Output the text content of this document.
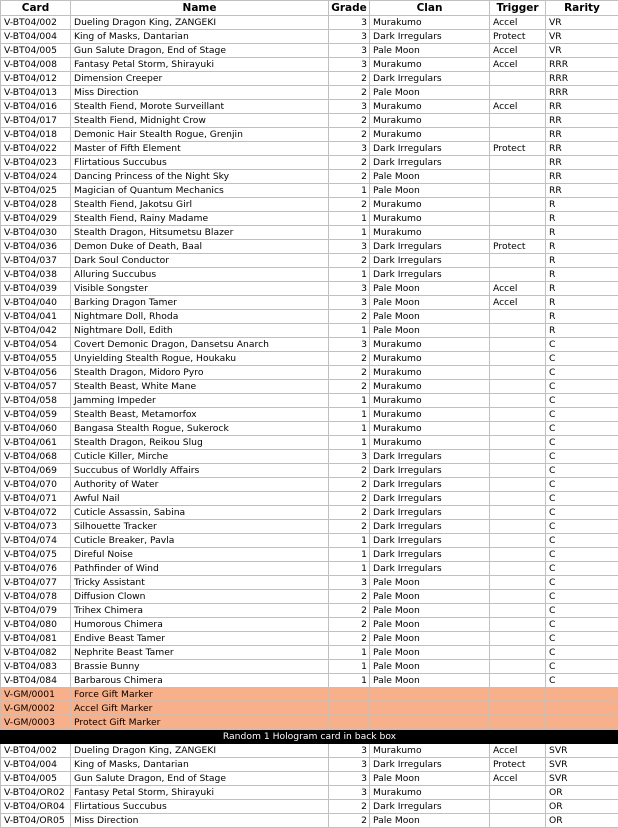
Card	Name	Grade	Clan	Trigger	Rarity
V-BT04/002	Dueling Dragon King, ZANGEKI	3	Murakumo	Accel	VR
V-BT04/004	King of Masks, Dantarian	3	Dark Irregulars	Protect	VR
V-BT04/005	Gun Salute Dragon, End of Stage	3	Pale Moon	Accel	VR
V-BT04/008	Fantasy Petal Storm, Shirayuki	3	Murakumo	Accel	RRR
V-BT04/012	Dimension Creeper	2	Dark Irregulars		RRR
V-BT04/013	Miss Direction	2	Pale Moon		RRR
V-BT04/016	Stealth Fiend, Morote Surveillant	3	Murakumo	Accel	RR
V-BT04/017	Stealth Fiend, Midnight Crow	2	Murakumo		RR
V-BT04/018	Demonic Hair Stealth Rogue, Grenjin	2	Murakumo		RR
V-BT04/022	Master of Fifth Element	3	Dark Irregulars	Protect	RR
V-BT04/023	Flirtatious Succubus	2	Dark Irregulars		RR
V-BT04/024	Dancing Princess of the Night Sky	2	Pale Moon		RR
V-BT04/025	Magician of Quantum Mechanics	1	Pale Moon		RR
V-BT04/028	Stealth Fiend, Jakotsu Girl	2	Murakumo		R
V-BT04/029	Stealth Fiend, Rainy Madame	1	Murakumo		R
V-BT04/030	Stealth Dragon, Hitsumetsu Blazer	1	Murakumo		R
V-BT04/036	Demon Duke of Death, Baal	3	Dark Irregulars	Protect	R
V-BT04/037	Dark Soul Conductor	2	Dark Irregulars		R
V-BT04/038	Alluring Succubus	1	Dark Irregulars		R
V-BT04/039	Visible Songster	3	Pale Moon	Accel	R
V-BT04/040	Barking Dragon Tamer	3	Pale Moon	Accel	R
V-BT04/041	Nightmare Doll, Rhoda	2	Pale Moon		R
V-BT04/042	Nightmare Doll, Edith	1	Pale Moon		R
V-BT04/054	Covert Demonic Dragon, Dansetsu Anarch	3	Murakumo		C
V-BT04/055	Unyielding Stealth Rogue, Houkaku	2	Murakumo		C
V-BT04/056	Stealth Dragon, Midoro Pyro	2	Murakumo		C
V-BT04/057	Stealth Beast, White Mane	2	Murakumo		C
V-BT04/058	Jamming Impeder	1	Murakumo		C
V-BT04/059	Stealth Beast, Metamorfox	1	Murakumo		C
V-BT04/060	Bangasa Stealth Rogue, Sukerock	1	Murakumo		C
V-BT04/061	Stealth Dragon, Reikou Slug	1	Murakumo		C
V-BT04/068	Cuticle Killer, Mirche	3	Dark Irregulars		C
V-BT04/069	Succubus of Worldly Affairs	2	Dark Irregulars		C
V-BT04/070	Authority of Water	2	Dark Irregulars		C
V-BT04/071	Awful Nail	2	Dark Irregulars		C
V-BT04/072	Cuticle Assassin, Sabina	2	Dark Irregulars		C
V-BT04/073	Silhouette Tracker	2	Dark Irregulars		C
V-BT04/074	Cuticle Breaker, Pavla	1	Dark Irregulars		C
V-BT04/075	Direful Noise	1	Dark Irregulars		C
V-BT04/076	Pathfinder of Wind	1	Dark Irregulars		C
V-BT04/077	Tricky Assistant	3	Pale Moon		C
V-BT04/078	Diffusion Clown	2	Pale Moon		C
V-BT04/079	Trihex Chimera	2	Pale Moon		C
V-BT04/080	Humorous Chimera	2	Pale Moon		C
V-BT04/081	Endive Beast Tamer	2	Pale Moon		C
V-BT04/082	Nephrite Beast Tamer	1	Pale Moon		C
V-BT04/083	Brassie Bunny	1	Pale Moon		C
V-BT04/084	Barbarous Chimera	1	Pale Moon		C
V-GM/0001	Force Gift Marker				
V-GM/0002	Accel Gift Marker				
V-GM/0003	Protect Gift Marker				
Random 1 Hologram card in back box					
V-BT04/002	Dueling Dragon King, ZANGEKI	3	Murakumo	Accel	SVR
V-BT04/004	King of Masks, Dantarian	3	Dark Irregulars	Protect	SVR
V-BT04/005	Gun Salute Dragon, End of Stage	3	Pale Moon	Accel	SVR
V-BT04/OR02	Fantasy Petal Storm, Shirayuki	3	Murakumo		OR
V-BT04/OR04	Flirtatious Succubus	2	Dark Irregulars		OR
V-BT04/OR05	Miss Direction	2	Pale Moon		OR
